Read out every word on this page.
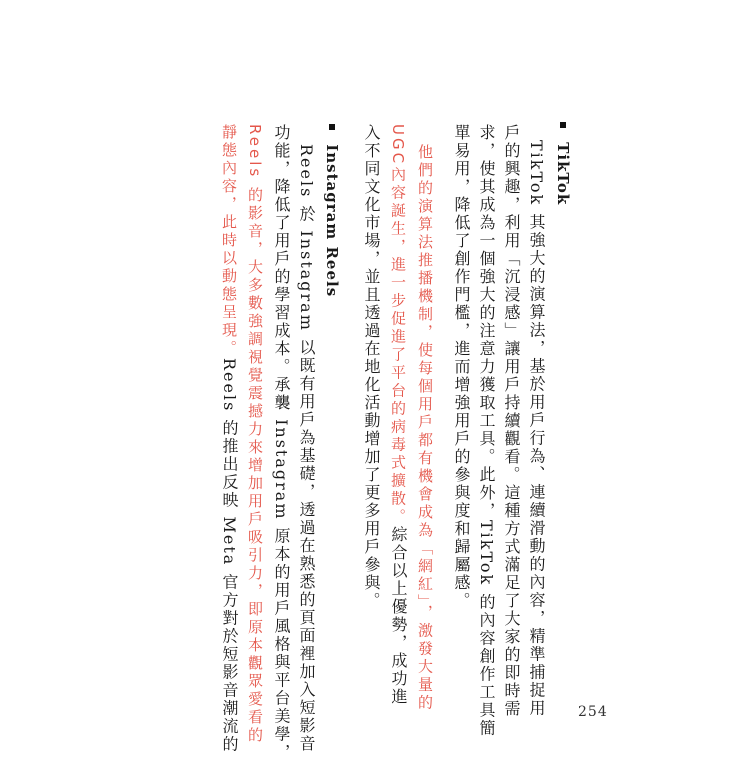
TikTok
TikTok 其強大的演算法，基於用戶行為、連續滑動的內容，精準捕捉用
戶的興趣，利用「沉浸感」讓用戶持續觀看。這種方式滿足了大家的即時需
求，使其成為一個強大的注意力獲取工具。此外，TikTok 的內容創作工具簡
單易用，降低了創作門檻，進而增強用戶的參與度和歸屬感。
他們的演算法推播機制，使每個用戶都有機會成為「網紅」，激發大量的
UGC內容誕生，進一步促進了平台的病毒式擴散。綜合以上優勢，成功進
入不同文化市場，並且透過在地化活動增加了更多用戶參與。
Instagram Reels
Reels 於 Instagram 以既有用戶為基礎，透過在熟悉的頁面裡加入短影音
功能，降低了用戶的學習成本。承襲 Instagram 原本的用戶風格與平台美學，
Reels 的影音，大多數強調視覺震撼力來增加用戶吸引力，即原本觀眾愛看的
靜態內容，此時以動態呈現。Reels 的推出反映 Meta 官方對於短影音潮流的	254
